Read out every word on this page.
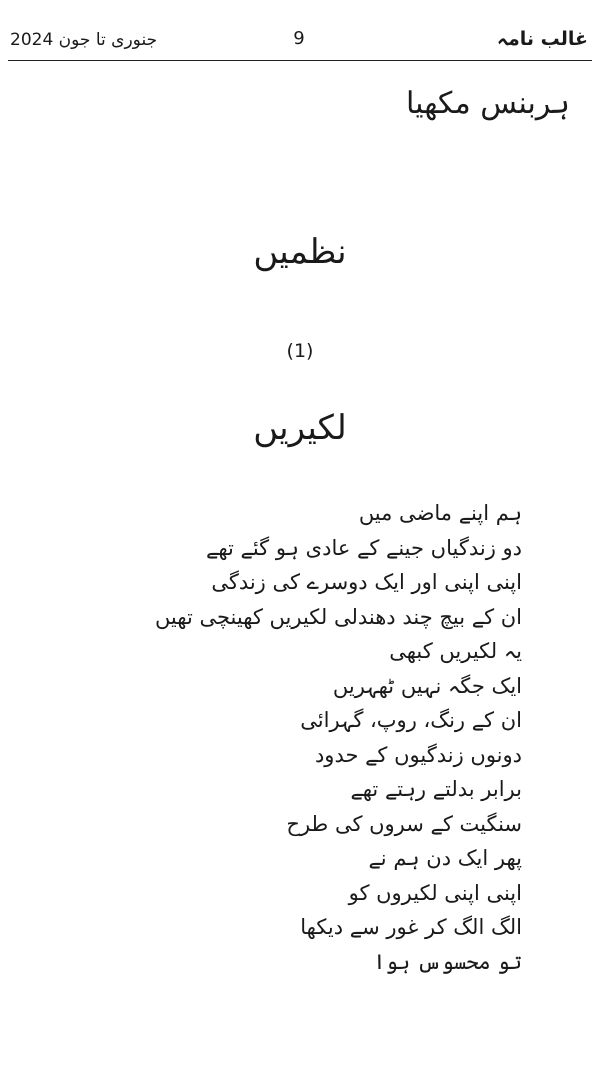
جنوری تا جون 2024	9	غالب نامہ
ہربنس مکھیا
نظمیں
(1)
لکیریں
ہم اپنے ماضی میں
دو زندگیاں جینے کے عادی ہو گئے تھے
اپنی اپنی اور ایک دوسرے کی زندگی
ان کے بیچ چند دھندلی لکیریں کھینچی تھیں
یہ لکیریں کبھی
ایک جگہ نہیں ٹھہریں
ان کے رنگ، روپ، گہرائی
دونوں زندگیوں کے حدود
برابر بدلتے رہتے تھے
سنگیت کے سروں کی طرح
پھر ایک دن ہم نے
اپنی اپنی لکیروں کو
الگ الگ کر غور سے دیکھا
تو محسوس ہوا
